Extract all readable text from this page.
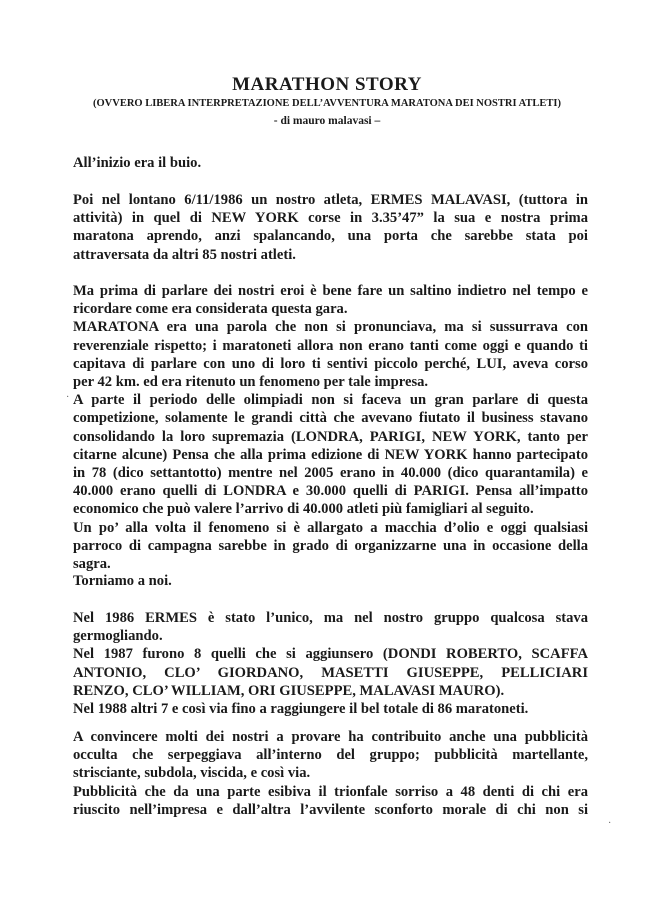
MARATHON STORY
(OVVERO LIBERA INTERPRETAZIONE DELL’AVVENTURA MARATONA DEI NOSTRI ATLETI)
- di mauro malavasi –
All’inizio era il buio.
Poi nel lontano 6/11/1986 un nostro atleta, ERMES MALAVASI, (tuttora in
attività) in quel di NEW YORK corse in 3.35’47” la sua e nostra prima
maratona aprendo, anzi spalancando, una porta che sarebbe stata poi
attraversata da altri 85 nostri atleti.
Ma prima di parlare dei nostri eroi è bene fare un saltino indietro nel tempo e
ricordare come era considerata questa gara.
MARATONA era una parola che non si pronunciava, ma si sussurrava con
reverenziale rispetto; i maratoneti allora non erano tanti come oggi e quando ti
capitava di parlare con uno di loro ti sentivi piccolo perché, LUI, aveva corso
per 42 km. ed era ritenuto un fenomeno per tale impresa.
A parte il periodo delle olimpiadi non si faceva un gran parlare di questa
competizione, solamente le grandi città che avevano fiutato il business stavano
consolidando la loro supremazia (LONDRA, PARIGI, NEW YORK, tanto per
citarne alcune) Pensa che alla prima edizione di NEW YORK hanno partecipato
in 78 (dico settantotto) mentre nel 2005 erano in 40.000 (dico quarantamila) e
40.000 erano quelli di LONDRA e 30.000 quelli di PARIGI. Pensa all’impatto
economico che può valere l’arrivo di 40.000 atleti più famigliari al seguito.
Un po’ alla volta il fenomeno si è allargato a macchia d’olio e oggi qualsiasi
parroco di campagna sarebbe in grado di organizzarne una in occasione della
sagra.
Torniamo a noi.
Nel 1986 ERMES è stato l’unico, ma nel nostro gruppo qualcosa stava
germogliando.
Nel 1987 furono 8 quelli che si aggiunsero (DONDI ROBERTO, SCAFFA
ANTONIO, CLO’ GIORDANO, MASETTI GIUSEPPE, PELLICIARI
RENZO, CLO’ WILLIAM, ORI GIUSEPPE, MALAVASI MAURO).
Nel 1988 altri 7 e così via fino a raggiungere il bel totale di 86 maratoneti.
A convincere molti dei nostri a provare ha contribuito anche una pubblicità
occulta che serpeggiava all’interno del gruppo; pubblicità martellante,
strisciante, subdola, viscida, e così via.
Pubblicità che da una parte esibiva il trionfale sorriso a 48 denti di chi era
riuscito nell’impresa e dall’altra l’avvilente sconforto morale di chi non si
·
·
